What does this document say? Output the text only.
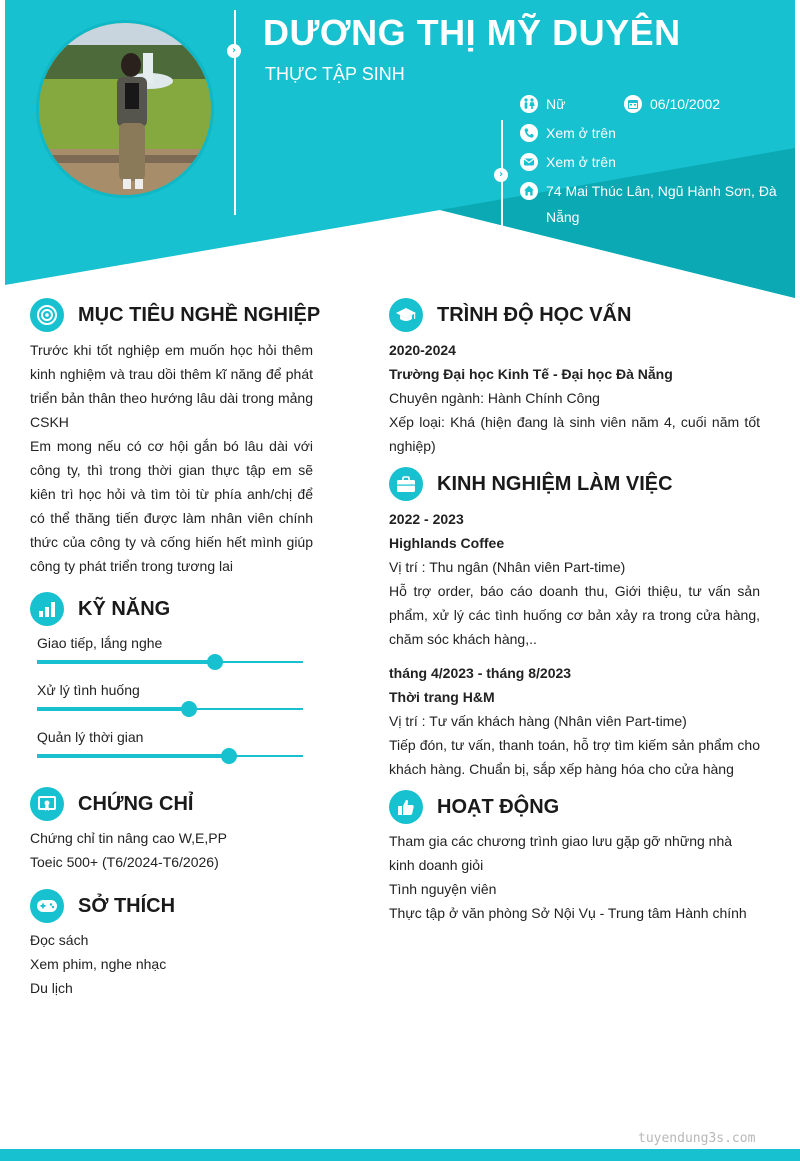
›
›
DƯƠNG THỊ MỸ DUYÊN
THỰC TẬP SINH
Nữ	06/10/2002
Xem ở trên
Xem ở trên
74 Mai Thúc Lân, Ngũ Hành Sơn, Đà Nẵng
MỤC TIÊU NGHỀ NGHIỆP

Trước khi tốt nghiệp em muốn học hỏi thêm kinh nghiệm và trau dồi thêm kĩ năng để phát triển bản thân theo hướng lâu dài trong mảng CSKH

Em mong nếu có cơ hội gắn bó lâu dài với công ty, thì trong thời gian thực tập em sẽ kiên trì học hỏi và tìm tòi từ phía anh/chị để có thể thăng tiến được làm nhân viên chính thức của công ty và cống hiến hết mình giúp công ty phát triển trong tương lai

KỸ NĂNG
Giao tiếp, lắng nghe
Xử lý tình huống
Quản lý thời gian
CHỨNG CHỈ

Chứng chỉ tin nâng cao W,E,PP

Toeic 500+ (T6/2024-T6/2026)

SỞ THÍCH

Đọc sách

Xem phim, nghe nhạc

Du lịch

TRÌNH ĐỘ HỌC VẤN

2020-2024

Trường Đại học Kinh Tế - Đại học Đà Nẵng

Chuyên ngành: Hành Chính Công

Xếp loại: Khá (hiện đang là sinh viên năm 4, cuối năm tốt nghiệp)

KINH NGHIỆM LÀM VIỆC

2022 - 2023

Highlands Coffee

Vị trí : Thu ngân (Nhân viên Part-time)

Hỗ trợ order, báo cáo doanh thu, Giới thiệu, tư vấn sản phẩm, xử lý các tình huống cơ bản xảy ra trong cửa hàng, chăm sóc khách hàng,..

tháng 4/2023 - tháng 8/2023

Thời trang H&M

Vị trí : Tư vấn khách hàng (Nhân viên Part-time)

Tiếp đón, tư vấn, thanh toán, hỗ trợ tìm kiếm sản phẩm cho khách hàng. Chuẩn bị, sắp xếp hàng hóa cho cửa hàng

HOẠT ĐỘNG

Tham gia các chương trình giao lưu gặp gỡ những nhà kinh doanh giỏi

Tình nguyện viên

Thực tập ở văn phòng Sở Nội Vụ - Trung tâm Hành chính

tuyendung3s.com
